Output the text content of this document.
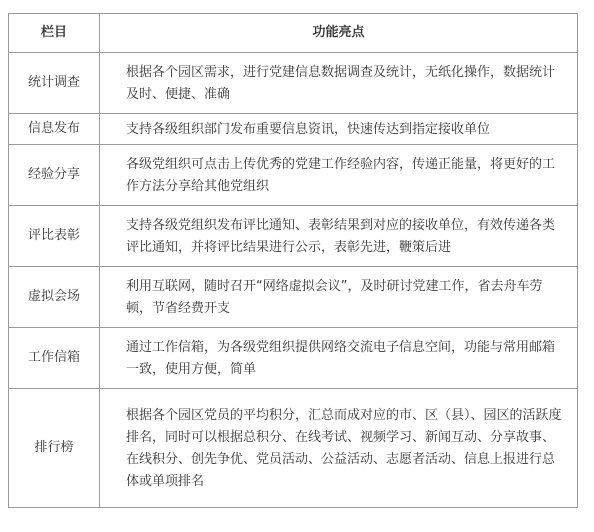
栏目	功能亮点
统计调查	根据各个园区需求，进行党建信息数据调查及统计，无纸化操作，数据统计及时、便捷、准确

信息发布	支持各级组织部门发布重要信息资讯，快速传达到指定接收单位

经验分享	各级党组织可点击上传优秀的党建工作经验内容，传递正能量，将更好的工作方法分享给其他党组织

评比表彰	支持各级党组织发布评比通知、表彰结果到对应的接收单位，有效传递各类评比通知，并将评比结果进行公示，表彰先进，鞭策后进

虚拟会场	利用互联网，随时召开“网络虚拟会议”，及时研讨党建工作，省去舟车劳顿，节省经费开支

工作信箱	通过工作信箱，为各级党组织提供网络交流电子信息空间，功能与常用邮箱一致，使用方便，简单

排行榜	根据各个园区党员的平均积分，汇总而成对应的市、区（县）、园区的活跃度排名，同时可以根据总积分、在线考试、视频学习、新闻互动、分享故事、在线积分、创先争优、党员活动、公益活动、志愿者活动、信息上报进行总体或单项排名
